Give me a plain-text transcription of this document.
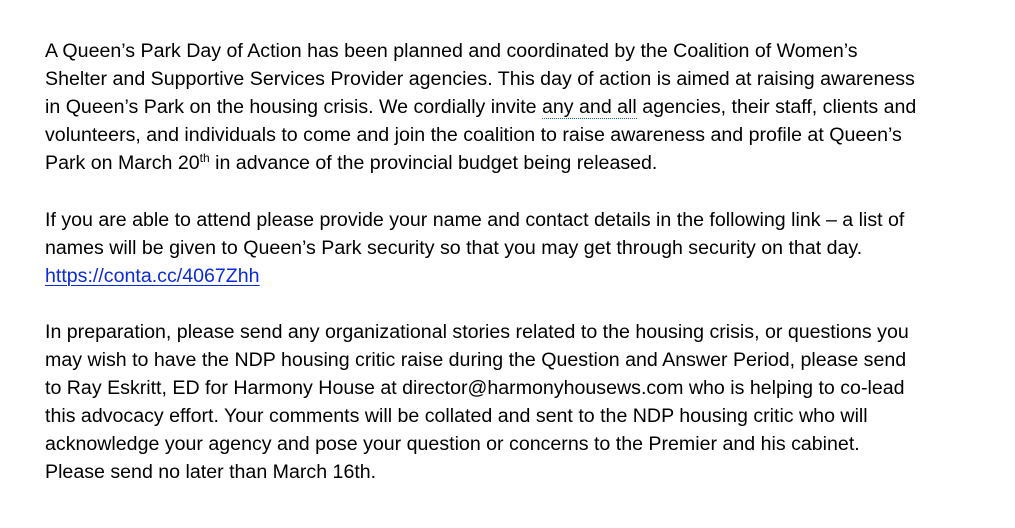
A Queen’s Park Day of Action has been planned and coordinated by the Coalition of Women’s
Shelter and Supportive Services Provider agencies. This day of action is aimed at raising awareness
in Queen’s Park on the housing crisis. We cordially invite any and all agencies, their staff, clients and
volunteers, and individuals to come and join the coalition to raise awareness and profile at Queen’s
Park on March 20th in advance of the provincial budget being released.
If you are able to attend please provide your name and contact details in the following link – a list of
names will be given to Queen’s Park security so that you may get through security on that day.
https://conta.cc/4067Zhh
In preparation, please send any organizational stories related to the housing crisis, or questions you
may wish to have the NDP housing critic raise during the Question and Answer Period, please send
to Ray Eskritt, ED for Harmony House at director@harmonyhousews.com who is helping to co-lead
this advocacy effort. Your comments will be collated and sent to the NDP housing critic who will
acknowledge your agency and pose your question or concerns to the Premier and his cabinet.
Please send no later than March 16th.
